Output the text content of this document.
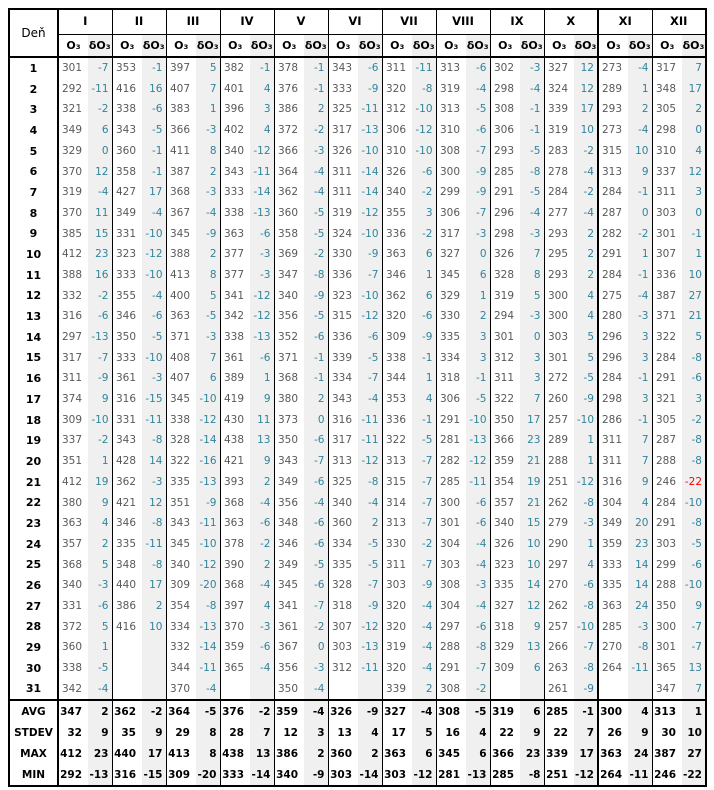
Deň	I		II		III		IV		V		VI		VII		VIII		IX		X		XI		XII	
	O₃	δO₃	O₃	δO₃	O₃	δO₃	O₃	δO₃	O₃	δO₃	O₃	δO₃	O₃	δO₃	O₃	δO₃	O₃	δO₃	O₃	δO₃	O₃	δO₃	O₃	δO₃
1	301	-7	353	-1	397	5	382	-1	378	-1	343	-6	311	-11	313	-6	302	-3	327	12	273	-4	317	7
2	292	-11	416	16	407	7	401	4	376	-1	333	-9	320	-8	319	-4	298	-4	324	12	289	1	348	17
3	321	-2	338	-6	383	1	396	3	386	2	325	-11	312	-10	313	-5	308	-1	339	17	293	2	305	2
4	349	6	343	-5	366	-3	402	4	372	-2	317	-13	306	-12	310	-6	306	-1	319	10	273	-4	298	0
5	329	0	360	-1	411	8	340	-12	366	-3	326	-10	310	-10	308	-7	293	-5	283	-2	315	10	310	4
6	370	12	358	-1	387	2	343	-11	364	-4	311	-14	326	-6	300	-9	285	-8	278	-4	313	9	337	12
7	319	-4	427	17	368	-3	333	-14	362	-4	311	-14	340	-2	299	-9	291	-5	284	-2	284	-1	311	3
8	370	11	349	-4	367	-4	338	-13	360	-5	319	-12	355	3	306	-7	296	-4	277	-4	287	0	303	0
9	385	15	331	-10	345	-9	363	-6	358	-5	324	-10	336	-2	317	-3	298	-3	293	2	282	-2	301	-1
10	412	23	323	-12	388	2	377	-3	369	-2	330	-9	363	6	327	0	326	7	295	2	291	1	307	1
11	388	16	333	-10	413	8	377	-3	347	-8	336	-7	346	1	345	6	328	8	293	2	284	-1	336	10
12	332	-2	355	-4	400	5	341	-12	340	-9	323	-10	362	6	329	1	319	5	300	4	275	-4	387	27
13	316	-6	346	-6	363	-5	342	-12	356	-5	315	-12	320	-6	330	2	294	-3	300	4	280	-3	371	21
14	297	-13	350	-5	371	-3	338	-13	352	-6	336	-6	309	-9	335	3	301	0	303	5	296	3	322	5
15	317	-7	333	-10	408	7	361	-6	371	-1	339	-5	338	-1	334	3	312	3	301	5	296	3	284	-8
16	311	-9	361	-3	407	6	389	1	368	-1	334	-7	344	1	318	-1	311	3	272	-5	284	-1	291	-6
17	374	9	316	-15	345	-10	419	9	380	2	343	-4	353	4	306	-5	322	7	260	-9	298	3	321	3
18	309	-10	331	-11	338	-12	430	11	373	0	316	-11	336	-1	291	-10	350	17	257	-10	286	-1	305	-2
19	337	-2	343	-8	328	-14	438	13	350	-6	317	-11	322	-5	281	-13	366	23	289	1	311	7	287	-8
20	351	1	428	14	322	-16	421	9	343	-7	313	-12	313	-7	282	-12	359	21	288	1	311	7	288	-8
21	412	19	362	-3	335	-13	393	2	349	-6	325	-8	315	-7	285	-11	354	19	251	-12	316	9	246	-22
22	380	9	421	12	351	-9	368	-4	356	-4	340	-4	314	-7	300	-6	357	21	262	-8	304	4	284	-10
23	363	4	346	-8	343	-11	363	-6	348	-6	360	2	313	-7	301	-6	340	15	279	-3	349	20	291	-8
24	357	2	335	-11	345	-10	378	-2	346	-6	334	-5	330	-2	304	-4	326	10	290	1	359	23	303	-5
25	368	5	348	-8	340	-12	390	2	349	-5	335	-5	311	-7	303	-4	323	10	297	4	333	14	299	-6
26	340	-3	440	17	309	-20	368	-4	345	-6	328	-7	303	-9	308	-3	335	14	270	-6	335	14	288	-10
27	331	-6	386	2	354	-8	397	4	341	-7	318	-9	320	-4	304	-4	327	12	262	-8	363	24	350	9
28	372	5	416	10	334	-13	370	-3	361	-2	307	-12	320	-4	297	-6	318	9	257	-10	285	-3	300	-7
29	360	1			332	-14	359	-6	367	0	303	-13	319	-4	288	-8	329	13	266	-7	270	-8	301	-7
30	338	-5			344	-11	365	-4	356	-3	312	-11	320	-4	291	-7	309	6	263	-8	264	-11	365	13
31	342	-4			370	-4			350	-4			339	2	308	-2			261	-9			347	7
AVG	347	2	362	-2	364	-5	376	-2	359	-4	326	-9	327	-4	308	-5	319	6	285	-1	300	4	313	1
STDEV	32	9	35	9	29	8	28	7	12	3	13	4	17	5	16	4	22	9	22	7	26	9	30	10
MAX	412	23	440	17	413	8	438	13	386	2	360	2	363	6	345	6	366	23	339	17	363	24	387	27
MIN	292	-13	316	-15	309	-20	333	-14	340	-9	303	-14	303	-12	281	-13	285	-8	251	-12	264	-11	246	-22
